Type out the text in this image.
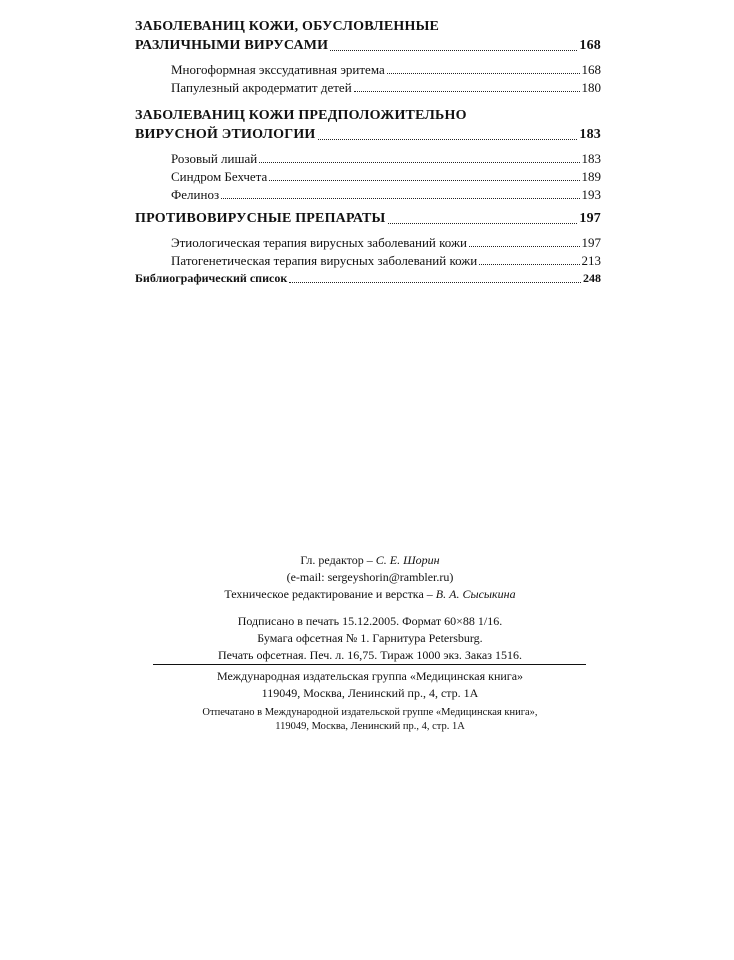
ЗАБОЛЕВАНИЦ КОЖИ, ОБУСЛОВЛЕННЫЕ
РАЗЛИЧНЫМИ ВИРУСАМИ	168
Многоформная экссудативная эритема	168
Папулезный акродерматит детей	180
ЗАБОЛЕВАНИЦ КОЖИ ПРЕДПОЛОЖИТЕЛЬНО
ВИРУСНОЙ ЭТИОЛОГИИ	183
Розовый лишай	183
Синдром Бехчета	189
Фелиноз	193
ПРОТИВОВИРУСНЫЕ ПРЕПАРАТЫ	197
Этиологическая терапия вирусных заболеваний кожи	197
Патогенетическая терапия вирусных заболеваний кожи	213
Библиографический список	248
Гл. редактор – С. Е. Шорин
(e-mail: sergeyshorin@rambler.ru)
Техническое редактирование и верстка – В. А. Сысыкина
Подписано в печать 15.12.2005. Формат 60×88 1/16.
Бумага офсетная № 1. Гарнитура Petersburg.
Печать офсетная. Печ. л. 16,75. Тираж 1000 экз. Заказ 1516.
Международная издательская группа «Медицинская книга»
119049, Москва, Ленинский пр., 4, стр. 1А
Отпечатано в Международной издательской группе «Медицинская книга»,
119049, Москва, Ленинский пр., 4, стр. 1А
